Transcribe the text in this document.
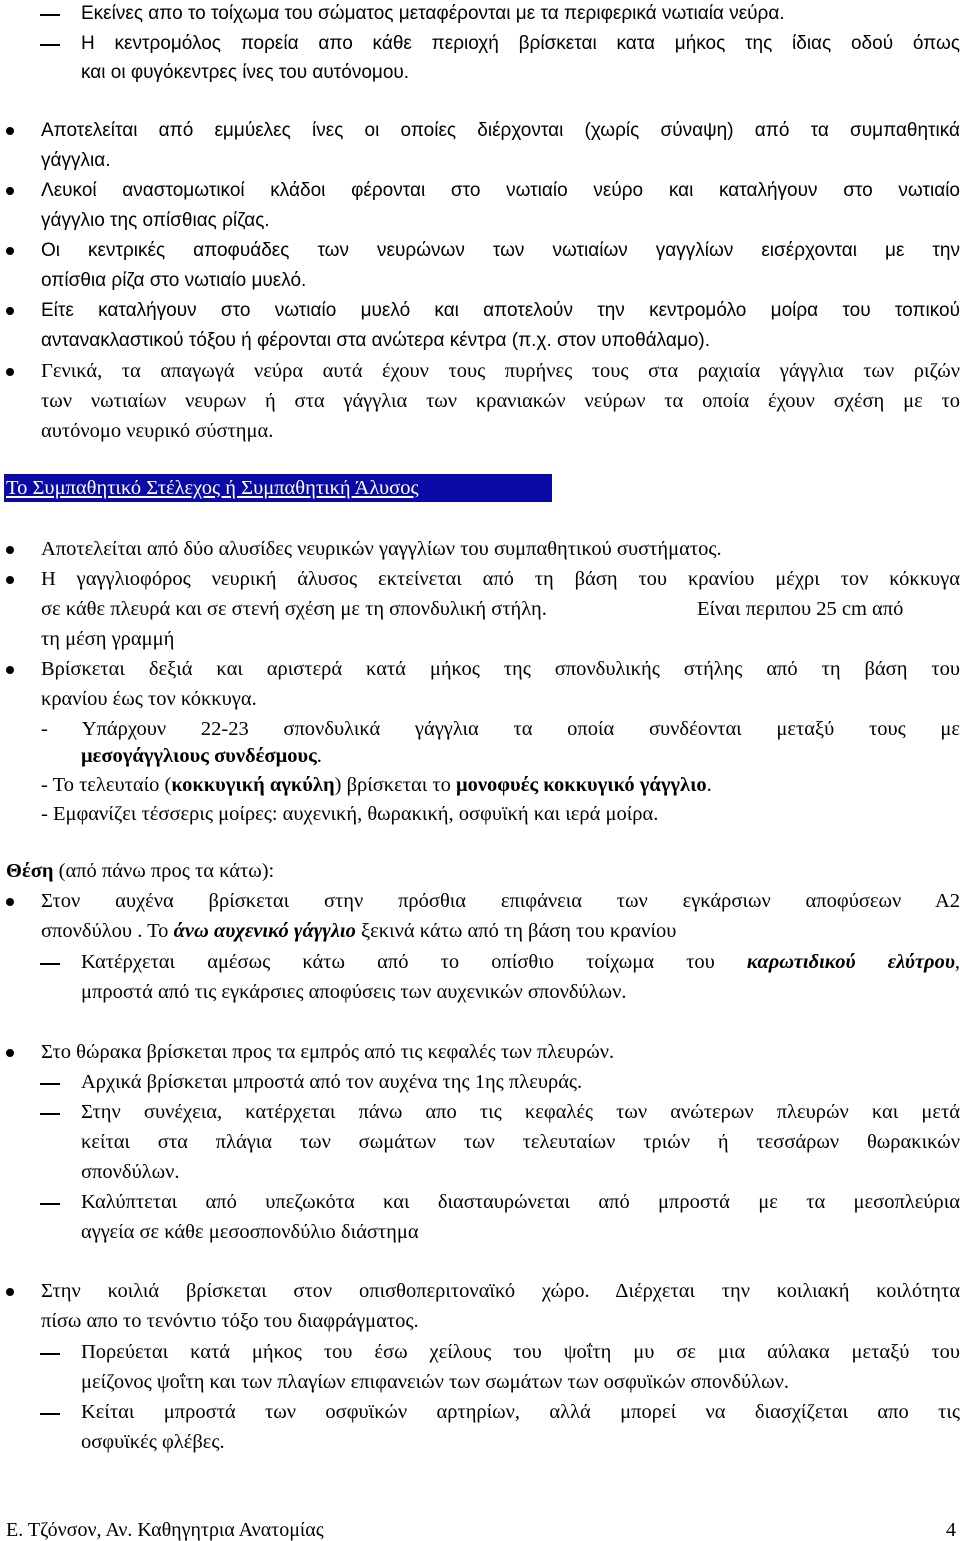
Εκείνες απο το τοίχωμα του σώματος μεταφέρονται με τα περιφερικά νωτιαία νεύρα.
Η κεντρομόλος πορεία απο κάθε περιοχή βρίσκεται κατα μήκος της ίδιας οδού όπως
και οι φυγόκεντρες ίνες του αυτόνομου.
Αποτελείται από εμμύελες ίνες οι οποίες διέρχονται (χωρίς σύναψη) από τα συμπαθητικά
γάγγλια.
Λευκοί αναστομωτικοί κλάδοι φέρονται στο νωτιαίο νεύρο και καταλήγουν στο νωτιαίο
γάγγλιο της οπίσθιας ρίζας.
Οι κεντρικές αποφυάδες των νευρώνων των νωτιαίων γαγγλίων εισέρχονται με την
οπίσθια ρίζα στο νωτιαίο μυελό.
Είτε καταλήγουν στο νωτιαίο μυελό και αποτελούν την κεντρομόλο μοίρα του τοπικού
αντανακλαστικού τόξου ή φέρονται στα ανώτερα κέντρα (π.χ. στον υποθάλαμο).
Γενικά, τα απαγωγά νεύρα αυτά έχουν τους πυρήνες τους στα ραχιαία γάγγλια των ριζών
των νωτιαίων νευρων ή στα γάγγλια των κρανιακών νεύρων τα οποία έχουν σχέση με το
αυτόνομο νευρικό σύστημα.
Το Συμπαθητικό Στέλεχος ή Συμπαθητική Άλυσος
Αποτελείται από δύο αλυσίδες νευρικών γαγγλίων του συμπαθητικού συστήματος.
Η γαγγλιοφόρος νευρική άλυσος εκτείνεται από τη βάση του κρανίου μέχρι τον κόκκυγα
σε κάθε πλευρά και σε στενή σχέση με τη σπονδυλική στήλη.	Είναι περιπου 25 cm από
τη μέση γραμμή
Βρίσκεται δεξιά και αριστερά κατά μήκος της σπονδυλικής στήλης από τη βάση του
κρανίου έως τον κόκκυγα.
- Υπάρχουν 22-23 σπονδυλικά γάγγλια τα οποία συνδέονται μεταξύ τους με
μεσογάγγλιους συνδέσμους.
- Το τελευταίο (κοκκυγική αγκύλη) βρίσκεται το μονοφυές κοκκυγικό γάγγλιο.
- Εμφανίζει τέσσερις μοίρες: αυχενική, θωρακική, οσφυϊκή και ιερά μοίρα.
Θέση (από πάνω προς τα κάτω):
Στον αυχένα βρίσκεται στην πρόσθια επιφάνεια των εγκάρσιων αποφύσεων Α2
σπονδύλου . Το άνω αυχενικό γάγγλιο ξεκινά κάτω από τη βάση του κρανίου
Κατέρχεται αμέσως κάτω από το οπίσθιο τοίχωμα του καρωτιδικού ελύτρου,
μπροστά από τις εγκάρσιες αποφύσεις των αυχενικών σπονδύλων.
Στο θώρακα βρίσκεται προς τα εμπρός από τις κεφαλές των πλευρών.
Αρχικά βρίσκεται μπροστά από τον αυχένα της 1ης πλευράς.
Στην συνέχεια, κατέρχεται πάνω απο τις κεφαλές των ανώτερων πλευρών και μετά
κείται στα πλάγια των σωμάτων των τελευταίων τριών ή τεσσάρων θωρακικών
σπονδύλων.
Καλύπτεται από υπεζωκότα και διασταυρώνεται από μπροστά με τα μεσοπλεύρια
αγγεία σε κάθε μεσοσπονδύλιο διάστημα
Στην κοιλιά βρίσκεται στον οπισθοπεριτοναϊκό χώρο. Διέρχεται την κοιλιακή κοιλότητα
πίσω απο το τενόντιο τόξο του διαφράγματος.
Πορεύεται κατά μήκος του έσω χείλους του ψοΐτη μυ σε μια αύλακα μεταξύ του
μείζονος ψοΐτη και των πλαγίων επιφανειών των σωμάτων των οσφυϊκών σπονδύλων.
Κείται μπροστά των οσφυϊκών αρτηρίων, αλλά μπορεί να διασχίζεται απο τις
οσφυϊκές φλέβες.
Ε. Τζόνσον, Αν. Καθηγητρια Ανατομίας	4
